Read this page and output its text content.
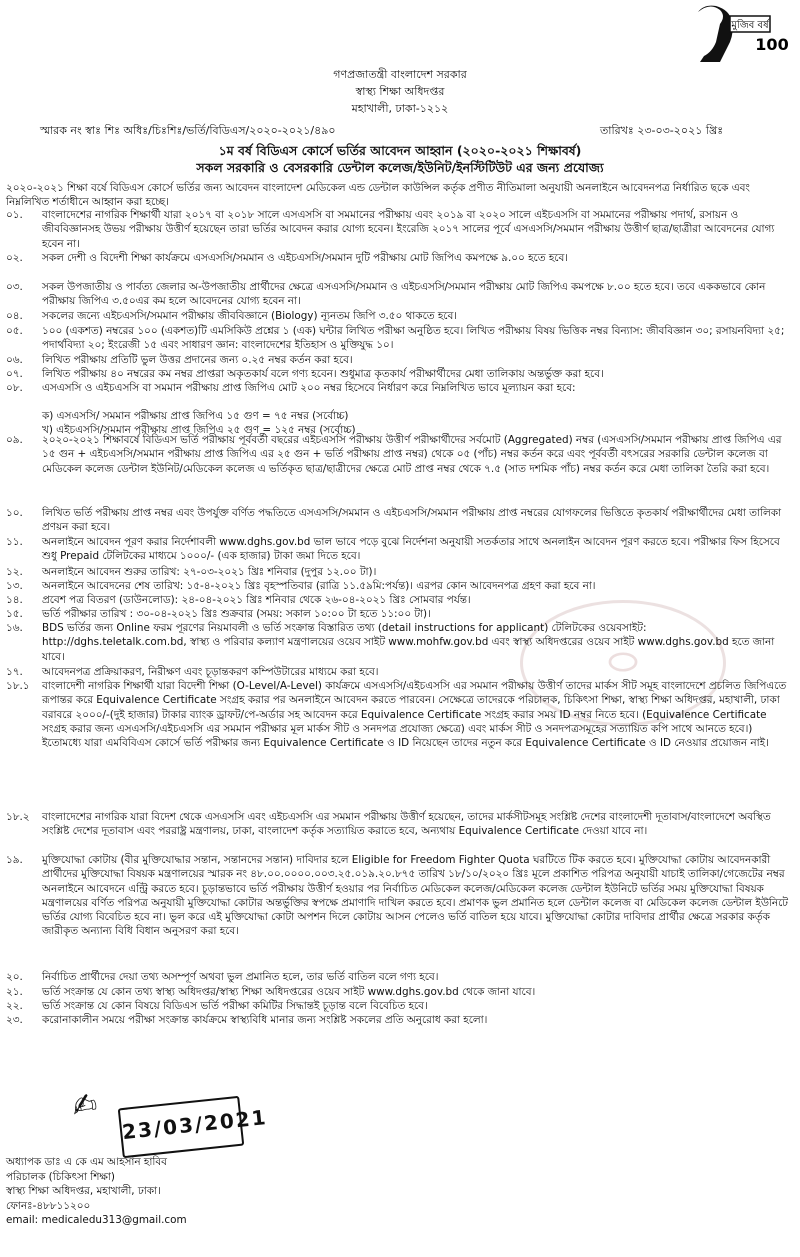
মুজিব বর্ষ
100
গণপ্রজাতন্ত্রী বাংলাদেশ সরকার
স্বাস্থ্য শিক্ষা অধিদপ্তর
মহাখালী, ঢাকা-১২১২
স্মারক নং স্বাঃ শিঃ অধিঃ/চিঃশিঃ/ভর্তি/বিডিএস/২০২০-২০২১/৪৯০	তারিখঃ ২৩-০৩-২০২১ খ্রিঃ
১ম বর্ষ বিডিএস কোর্সে ভর্তির আবেদন আহ্বান (২০২০-২০২১ শিক্ষাবর্ষ)
সকল সরকারি ও বেসরকারি ডেন্টাল কলেজ/ইউনিট/ইনস্টিটিউট এর জন্য প্রযোজ্য
২০২০-২০২১ শিক্ষা বর্ষে বিডিএস কোর্সে ভর্তির জন্য আবেদন বাংলাদেশ মেডিকেল এন্ড ডেন্টাল কাউন্সিল কর্তৃক প্রণীত নীতিমালা অনুযায়ী অনলাইনে আবেদনপত্র নির্ধারিত ছকে এবং নিম্নলিখিত শর্তাধীনে আহ্বান করা হচ্ছে।
⬭
০১.	বাংলাদেশের নাগরিক শিক্ষার্থী যারা ২০১৭ বা ২০১৮ সালে এসএসসি বা সমমানের পরীক্ষায় এবং ২০১৯ বা ২০২০ সালে এইচএসসি বা সমমানের পরীক্ষায় পদার্থ, রসায়ন ও জীববিজ্ঞানসহ উভয় পরীক্ষায় উত্তীর্ণ হয়েছেন তারা ভর্তির আবেদন করার যোগ্য হবেন। ইংরেজি ২০১৭ সালের পূর্বে এসএসসি/সমমান পরীক্ষায় উত্তীর্ণ ছাত্র/ছাত্রীরা আবেদনের যোগ্য হবেন না।
০২.	সকল দেশী ও বিদেশী শিক্ষা কার্যক্রমে এসএসসি/সমমান ও এইচএসসি/সমমান দুটি পরীক্ষায় মোট জিপিএ কমপক্ষে ৯.০০ হতে হবে।
০৩.	সকল উপজাতীয় ও পার্বত্য জেলার অ-উপজাতীয় প্রার্থীদের ক্ষেত্রে এসএসসি/সমমান ও এইচএসসি/সমমান পরীক্ষায় মোট জিপিএ কমপক্ষে ৮.০০ হতে হবে। তবে এককভাবে কোন পরীক্ষায় জিপিএ ৩.৫০এর কম হলে আবেদনের যোগ্য হবেন না।
০৪.	সকলের জন্যে এইচএসসি/সমমান পরীক্ষায় জীববিজ্ঞানে (Biology) ন্যূনতম জিপি ৩.৫০ থাকতে হবে।
০৫.	১০০ (একশত) নম্বরের ১০০ (একশত)টি এমসিকিউ প্রশ্নের ১ (এক) ঘন্টার লিখিত পরীক্ষা অনুষ্ঠিত হবে। লিখিত পরীক্ষায় বিষয় ভিত্তিক নম্বর বিন্যাস: জীববিজ্ঞান ৩০; রসায়নবিদ্যা ২৫; পদার্থবিদ্যা ২০; ইংরেজী ১৫ এবং সাধারণ জ্ঞান: বাংলাদেশের ইতিহাস ও মুক্তিযুদ্ধ ১০।
০৬.	লিখিত পরীক্ষায় প্রতিটি ভুল উত্তর প্রদানের জন্য ০.২৫ নম্বর কর্তন করা হবে।
০৭.	লিখিত পরীক্ষায় ৪০ নম্বরের কম নম্বর প্রাপ্তরা অকৃতকার্য বলে গণ্য হবেন। শুধুমাত্র কৃতকার্য পরীক্ষার্থীদের মেধা তালিকায় অন্তর্ভুক্ত করা হবে।
০৮.	এসএসসি ও এইচএসসি বা সমমান পরীক্ষায় প্রাপ্ত জিপিএ মোট ২০০ নম্বর হিসেবে নির্ধারণ করে নিম্নলিখিত ভাবে মূল্যায়ন করা হবে:
ক) এসএসসি/ সমমান পরীক্ষায় প্রাপ্ত জিপিএ ১৫ গুণ = ৭৫ নম্বর (সর্বোচ্চ)
খ) এইচএসসি/সমমান পরীক্ষায় প্রাপ্ত জিপিএ ২৫ গুণ = ১২৫ নম্বর (সর্বোচ্চ)
০৯.	২০২০-২০২১ শিক্ষাবর্ষে বিডিএস ভর্তি পরীক্ষায় পূর্ববর্তী বছরের এইচএসসি পরীক্ষায় উত্তীর্ণ পরীক্ষার্থীদের সর্বমোট (Aggregated) নম্বর (এসএসসি/সমমান পরীক্ষায় প্রাপ্ত জিপিএ এর ১৫ গুন + এইচএসসি/সমমান পরীক্ষায় প্রাপ্ত জিপিএ এর ২৫ গুন + ভর্তি পরীক্ষায় প্রাপ্ত নম্বর) থেকে ০৫ (পাঁচ) নম্বর কর্তন করে এবং পূর্ববর্তী বৎসরের সরকারি ডেন্টাল কলেজ বা মেডিকেল কলেজ ডেন্টাল ইউনিট/মেডিকেল কলেজ এ ভর্তিকৃত ছাত্র/ছাত্রীদের ক্ষেত্রে মোট প্রাপ্ত নম্বর থেকে ৭.৫ (সাত দশমিক পাঁচ) নম্বর কর্তন করে মেধা তালিকা তৈরি করা হবে।
১০.	লিখিত ভর্তি পরীক্ষায় প্রাপ্ত নম্বর এবং উপর্যুক্ত বর্ণিত পদ্ধতিতে এসএসসি/সমমান ও এইচএসসি/সমমান পরীক্ষায় প্রাপ্ত নম্বরের যোগফলের ভিত্তিতে কৃতকার্য পরীক্ষার্থীদের মেধা তালিকা প্রণয়ন করা হবে।
১১.	অনলাইনে আবেদন পূরণ করার নির্দেশাবলী www.dghs.gov.bd ভাল ভাবে পড়ে বুঝে নির্দেশনা অনুযায়ী সতর্কতার সাথে অনলাইন আবেদন পূরণ করতে হবে। পরীক্ষার ফিস হিসেবে শুধু Prepaid টেলিটকের মাধ্যমে ১০০০/- (এক হাজার) টাকা জমা দিতে হবে।
১২.	অনলাইনে আবেদন শুরুর তারিখ: ২৭-০৩-২০২১ খ্রিঃ শনিবার (দুপুর ১২.০০ টা)।
১৩.	অনলাইনে আবেদনের শেষ তারিখ: ১৫-৪-২০২১ খ্রিঃ বৃহস্পতিবার (রাত্রি ১১.৫৯মি:পর্যন্ত)। এরপর কোন আবেদনপত্র গ্রহণ করা হবে না।
১৪.	প্রবেশ পত্র বিতরণ (ডাউনলোড): ২৪-০৪-২০২১ খ্রিঃ শনিবার থেকে ২৬-০৪-২০২১ খ্রিঃ সোমবার পর্যন্ত।
১৫.	ভর্তি পরীক্ষার তারিখ : ৩০-০৪-২০২১ খ্রিঃ শুক্রবার (সময়: সকাল ১০:০০ টা হতে ১১:০০ টা)।
১৬.	BDS ভর্তির জন্য Online ফরম পূরণের নিয়মাবলী ও ভর্তি সংক্রান্ত বিস্তারিত তথ্য (detail instructions for applicant) টেলিটকের ওয়েবসাইট: http://dghs.teletalk.com.bd, স্বাস্থ্য ও পরিবার কল্যাণ মন্ত্রণালয়ের ওয়েব সাইট www.mohfw.gov.bd এবং স্বাস্থ্য অধিদপ্তরের ওয়েব সাইট www.dghs.gov.bd হতে জানা যাবে।
১৭.	আবেদনপত্র প্রক্রিয়াকরণ, নিরীক্ষণ এবং চূড়ান্তকরণ কম্পিউটারের মাধ্যমে করা হবে।
১৮.১	বাংলাদেশী নাগরিক শিক্ষার্থী যারা বিদেশী শিক্ষা (O-Level/A-Level) কার্যক্রমে এসএসসি/এইচএসসি এর সমমান পরীক্ষায় উত্তীর্ণ তাদের মার্কস সীট সমূহ বাংলাদেশে প্রচলিত জিপিএতে রূপান্তর করে Equivalence Certificate সংগ্রহ করার পর অনলাইনে আবেদন করতে পারবেন। সেক্ষেত্রে তাদেরকে পরিচালক, চিকিৎসা শিক্ষা, স্বাস্থ্য শিক্ষা অধিদপ্তর, মহাখালী, ঢাকা বরাবরে ২০০০/-(দুই হাজার) টাকার ব্যাংক ড্রাফট/পে-অর্ডার সহ আবেদন করে Equivalence Certificate সংগ্রহ করার সময় ID নম্বর নিতে হবে। (Equivalence Certificate সংগ্রহ করার জন্য এসএসসি/এইচএসসি এর সমমান পরীক্ষার মূল মার্কস সীট ও সনদপত্র প্রযোজ্য ক্ষেত্রে) এবং মার্কস সীট ও সনদপত্রসমূহের সত্যায়িত কপি সাথে আনতে হবে।) ইতোমধ্যে যারা এমবিবিএস কোর্সে ভর্তি পরীক্ষার জন্য Equivalence Certificate ও ID নিয়েছেন তাদের নতুন করে Equivalence Certificate ও ID নেওয়ার প্রয়োজন নাই।
১৮.২	বাংলাদেশের নাগরিক যারা বিদেশ থেকে এসএসসি এবং এইচএসসি এর সমমান পরীক্ষায় উত্তীর্ণ হয়েছেন, তাদের মার্কসীটসমূহ সংশ্লিষ্ট দেশের বাংলাদেশী দূতাবাস/বাংলাদেশে অবস্থিত সংশ্লিষ্ট দেশের দূতাবাস এবং পররাষ্ট্র মন্ত্রণালয়, ঢাকা, বাংলাদেশ কর্তৃক সত্যায়িত করাতে হবে, অন্যথায় Equivalence Certificate দেওয়া যাবে না।
১৯.	মুক্তিযোদ্ধা কোটায় (বীর মুক্তিযোদ্ধার সন্তান, সন্তানদের সন্তান) দাবিদার হলে Eligible for Freedom Fighter Quota ঘরটিতে টিক করতে হবে। মুক্তিযোদ্ধা কোটায় আবেদনকারী প্রার্থীদের মুক্তিযোদ্ধা বিষয়ক মন্ত্রণালয়ের স্মারক নং ৪৮.০০.০০০০.০০৩.২৫.০১৯.২০.৮৭৫ তারিখ ১৮/১০/২০২০ খ্রিঃ মূলে প্রকাশিত পরিপত্র অনুযায়ী যাচাই তালিকা/গেজেটের নম্বর অনলাইনে আবেদনে এন্ট্রি করতে হবে। চূড়ান্তভাবে ভর্তি পরীক্ষায় উত্তীর্ণ হওয়ার পর নির্বাচিত মেডিকেল কলেজ/মেডিকেল কলেজ ডেন্টাল ইউনিটে ভর্তির সময় মুক্তিযোদ্ধা বিষয়ক মন্ত্রণালয়ের বর্ণিত পরিপত্র অনুযায়ী মুক্তিযোদ্ধা কোটার অন্তর্ভুক্তির স্বপক্ষে প্রমাণাদি দাখিল করতে হবে। প্রমাণক ভুল প্রমানিত হলে ডেন্টাল কলেজ বা মেডিকেল কলেজ ডেন্টাল ইউনিটে ভর্তির যোগ্য বিবেচিত হবে না। ভুল করে এই মুক্তিযোদ্ধা কোটা অপশন দিলে কোটায় আসন পেলেও ভর্তি বাতিল হয়ে যাবে। মুক্তিযোদ্ধা কোটার দাবিদার প্রার্থীর ক্ষেত্রে সরকার কর্তৃক জারীকৃত অন্যান্য বিধি বিধান অনুসরণ করা হবে।
২০.	নির্বাচিত প্রার্থীদের দেয়া তথ্য অসম্পূর্ণ অথবা ভুল প্রমানিত হলে, তার ভর্তি বাতিল বলে গণ্য হবে।
২১.	ভর্তি সংক্রান্ত যে কোন তথ্য স্বাস্থ্য অধিদপ্তর/স্বাস্থ্য শিক্ষা অধিদপ্তরের ওয়েব সাইট www.dghs.gov.bd থেকে জানা যাবে।
২২.	ভর্তি সংক্রান্ত যে কোন বিষয়ে বিডিএস ভর্তি পরীক্ষা কমিটির সিদ্ধান্তই চূড়ান্ত বলে বিবেচিত হবে।
২৩.	করোনাকালীন সময়ে পরীক্ষা সংক্রান্ত কার্যক্রমে স্বাস্থ্যবিধি মানার জন্য সংশ্লিষ্ট সকলের প্রতি অনুরোধ করা হলো।
✍ 23/03/2021
অধ্যাপক ডাঃ এ কে এম আহসান হাবিব
পরিচালক (চিকিৎসা শিক্ষা)
স্বাস্থ্য শিক্ষা অধিদপ্তর, মহাখালী, ঢাকা।
ফোনঃ-৪৮৮১১২০০
email: medicaledu313@gmail.com
